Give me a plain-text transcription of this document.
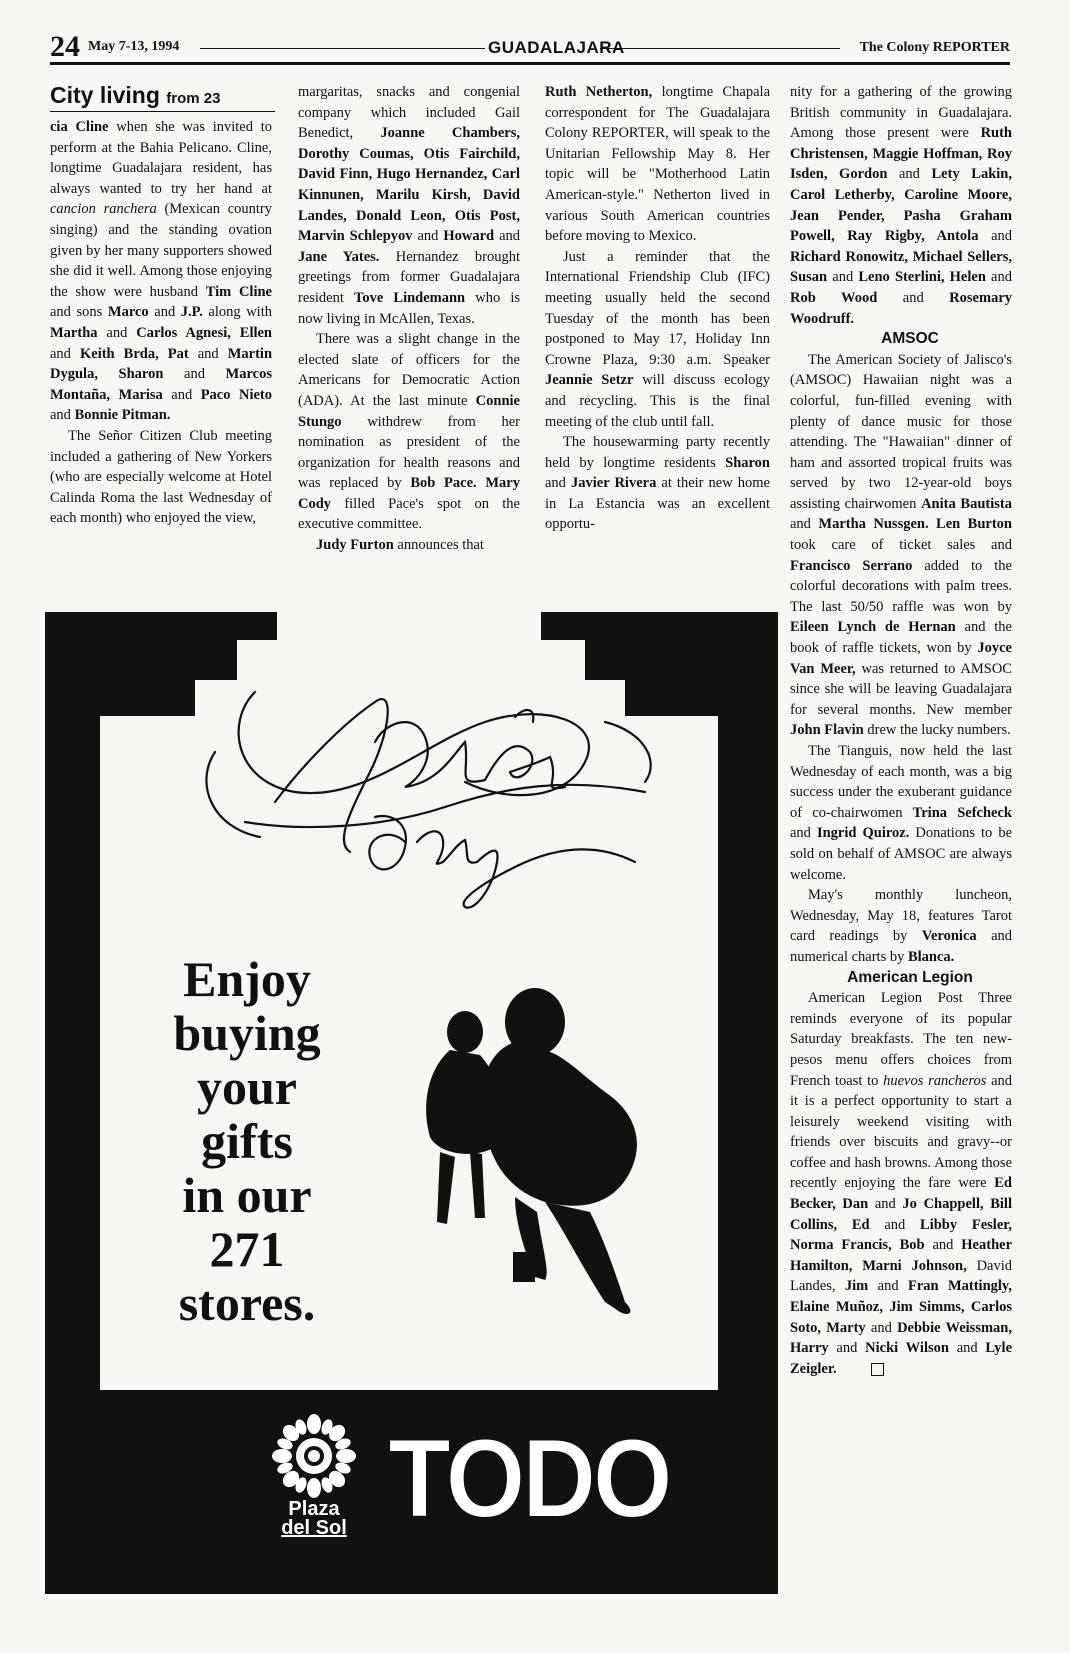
24 May 7-13, 1994	GUADALAJARA	The Colony REPORTER
City living from 23

cia Cline when she was invited to perform at the Bahia Pelicano. Cline, longtime Guadalajara resident, has always wanted to try her hand at cancion ranchera (Mexican country singing) and the standing ovation given by her many supporters showed she did it well. Among those enjoying the show were husband Tim Cline and sons Marco and J.P. along with Martha and Carlos Agnesi, Ellen and Keith Brda, Pat and Martin Dygula, Sharon and Marcos Montaña, Marisa and Paco Nieto and Bonnie Pitman.

The Señor Citizen Club meeting included a gathering of New Yorkers (who are especially welcome at Hotel Calinda Roma the last Wednesday of each month) who enjoyed the view,

margaritas, snacks and congenial company which included Gail Benedict, Joanne Chambers, Dorothy Coumas, Otis Fairchild, David Finn, Hugo Hernandez, Carl Kinnunen, Marilu Kirsh, David Landes, Donald Leon, Otis Post, Marvin Schlepyov and Howard and Jane Yates. Hernandez brought greetings from former Guadalajara resident Tove Lindemann who is now living in McAllen, Texas.

There was a slight change in the elected slate of officers for the Americans for Democratic Action (ADA). At the last minute Connie Stungo withdrew from her nomination as president of the organization for health reasons and was replaced by Bob Pace. Mary Cody filled Pace's spot on the executive committee.

Judy Furton announces that

Ruth Netherton, longtime Chapala correspondent for The Guadalajara Colony REPORTER, will speak to the Unitarian Fellowship May 8. Her topic will be "Motherhood Latin American-style." Netherton lived in various South American countries before moving to Mexico.

Just a reminder that the International Friendship Club (IFC) meeting usually held the second Tuesday of the month has been postponed to May 17, Holiday Inn Crowne Plaza, 9:30 a.m. Speaker Jeannie Setzr will discuss ecology and recycling. This is the final meeting of the club until fall.

The housewarming party recently held by longtime residents Sharon and Javier Rivera at their new home in La Estancia was an excellent opportu-

nity for a gathering of the growing British community in Guadalajara. Among those present were Ruth Christensen, Maggie Hoffman, Roy Isden, Gordon and Lety Lakin, Carol Letherby, Caroline Moore, Jean Pender, Pasha Graham Powell, Ray Rigby, Antola and Richard Ronowitz, Michael Sellers, Susan and Leno Sterlini, Helen and Rob Wood and Rosemary Woodruff.

AMSOC

The American Society of Jalisco's (AMSOC) Hawaiian night was a colorful, fun-filled evening with plenty of dance music for those attending. The "Hawaiian" dinner of ham and assorted tropical fruits was served by two 12-year-old boys assisting chairwomen Anita Bautista and Martha Nussgen. Len Burton took care of ticket sales and Francisco Serrano added to the colorful decorations with palm trees. The last 50/50 raffle was won by Eileen Lynch de Hernan and the book of raffle tickets, won by Joyce Van Meer, was returned to AMSOC since she will be leaving Guadalajara for several months. New member John Flavin drew the lucky numbers.

The Tianguis, now held the last Wednesday of each month, was a big success under the exuberant guidance of co-chairwomen Trina Sefcheck and Ingrid Quiroz. Donations to be sold on behalf of AMSOC are always welcome.

May's monthly luncheon, Wednesday, May 18, features Tarot card readings by Veronica and numerical charts by Blanca.

American Legion

American Legion Post Three reminds everyone of its popular Saturday breakfasts. The ten new-pesos menu offers choices from French toast to huevos rancheros and it is a perfect opportunity to start a leisurely weekend visiting with friends over biscuits and gravy--or coffee and hash browns. Among those recently enjoying the fare were Ed Becker, Dan and Jo Chappell, Bill Collins, Ed and Libby Fesler, Norma Francis, Bob and Heather Hamilton, Marni Johnson, David Landes, Jim and Fran Mattingly, Elaine Muñoz, Jim Simms, Carlos Soto, Marty and Debbie Weissman, Harry and Nicki Wilson and Lyle Zeigler.

Enjoy
buying
your
gifts
in our
271
stores.
Plaza
del Sol TODO
